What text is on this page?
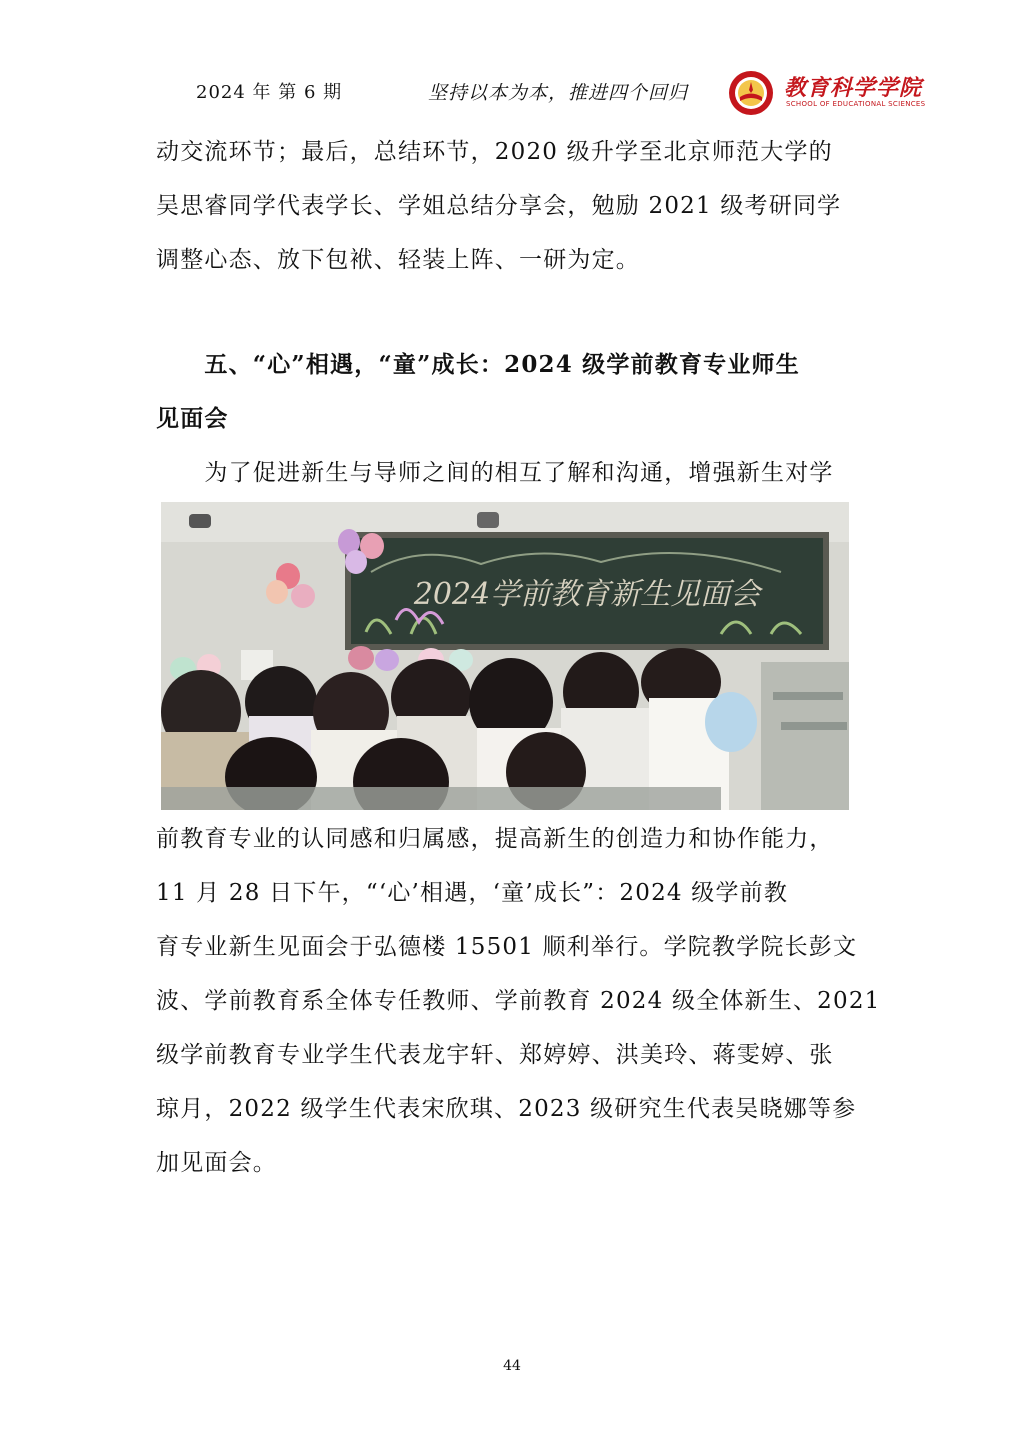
2024 年 第 6 期	坚持以本为本，推进四个回归	教育科学学院
SCHOOL OF EDUCATIONAL SCIENCES
动交流环节；最后，总结环节，2020 级升学至北京师范大学的
吴思睿同学代表学长、学姐总结分享会，勉励 2021 级考研同学
调整心态、放下包袱、轻装上阵、一研为定。
　　五、“心”相遇，“童”成长：2024 级学前教育专业师生
见面会
　　为了促进新生与导师之间的相互了解和沟通，增强新生对学
2024学前教育新生见面会
前教育专业的认同感和归属感，提高新生的创造力和协作能力，
11 月 28 日下午，“‘心’相遇，‘童’成长”：2024 级学前教
育专业新生见面会于弘德楼 15501 顺利举行。学院教学院长彭文
波、学前教育系全体专任教师、学前教育 2024 级全体新生、2021
级学前教育专业学生代表龙宇轩、郑婷婷、洪美玲、蒋雯婷、张
琼月，2022 级学生代表宋欣琪、2023 级研究生代表吴晓娜等参
加见面会。
44
